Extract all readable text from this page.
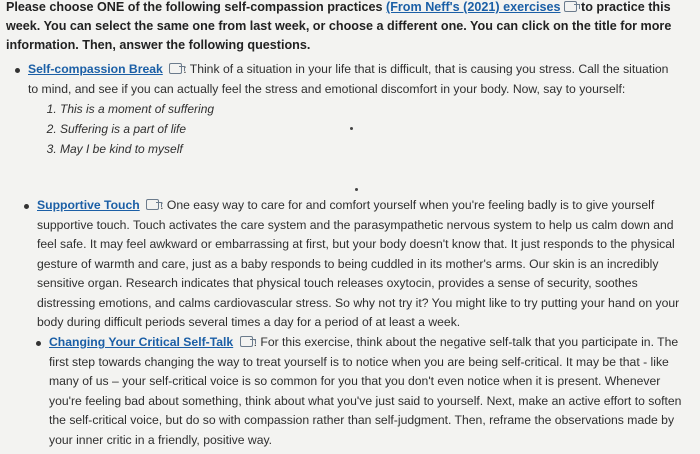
Please choose ONE of the following self-compassion practices (From Neff's (2021) exercises to practice this week. You can select the same one from last week, or choose a different one. You can click on the title for more information. Then, answer the following questions.
Self-compassion Break : Think of a situation in your life that is difficult, that is causing you stress. Call the situation to mind, and see if you can actually feel the stress and emotional discomfort in your body. Now, say to yourself:
1. This is a moment of suffering
2. Suffering is a part of life
3. May I be kind to myself
Supportive Touch : One easy way to care for and comfort yourself when you're feeling badly is to give yourself supportive touch. Touch activates the care system and the parasympathetic nervous system to help us calm down and feel safe. It may feel awkward or embarrassing at first, but your body doesn't know that. It just responds to the physical gesture of warmth and care, just as a baby responds to being cuddled in its mother's arms. Our skin is an incredibly sensitive organ. Research indicates that physical touch releases oxytocin, provides a sense of security, soothes distressing emotions, and calms cardiovascular stress. So why not try it? You might like to try putting your hand on your body during difficult periods several times a day for a period of at least a week.
Changing Your Critical Self-Talk : For this exercise, think about the negative self-talk that you participate in. The first step towards changing the way to treat yourself is to notice when you are being self-critical. It may be that - like many of us – your self-critical voice is so common for you that you don't even notice when it is present. Whenever you're feeling bad about something, think about what you've just said to yourself. Next, make an active effort to soften the self-critical voice, but do so with compassion rather than self-judgment. Then, reframe the observations made by your inner critic in a friendly, positive way.
